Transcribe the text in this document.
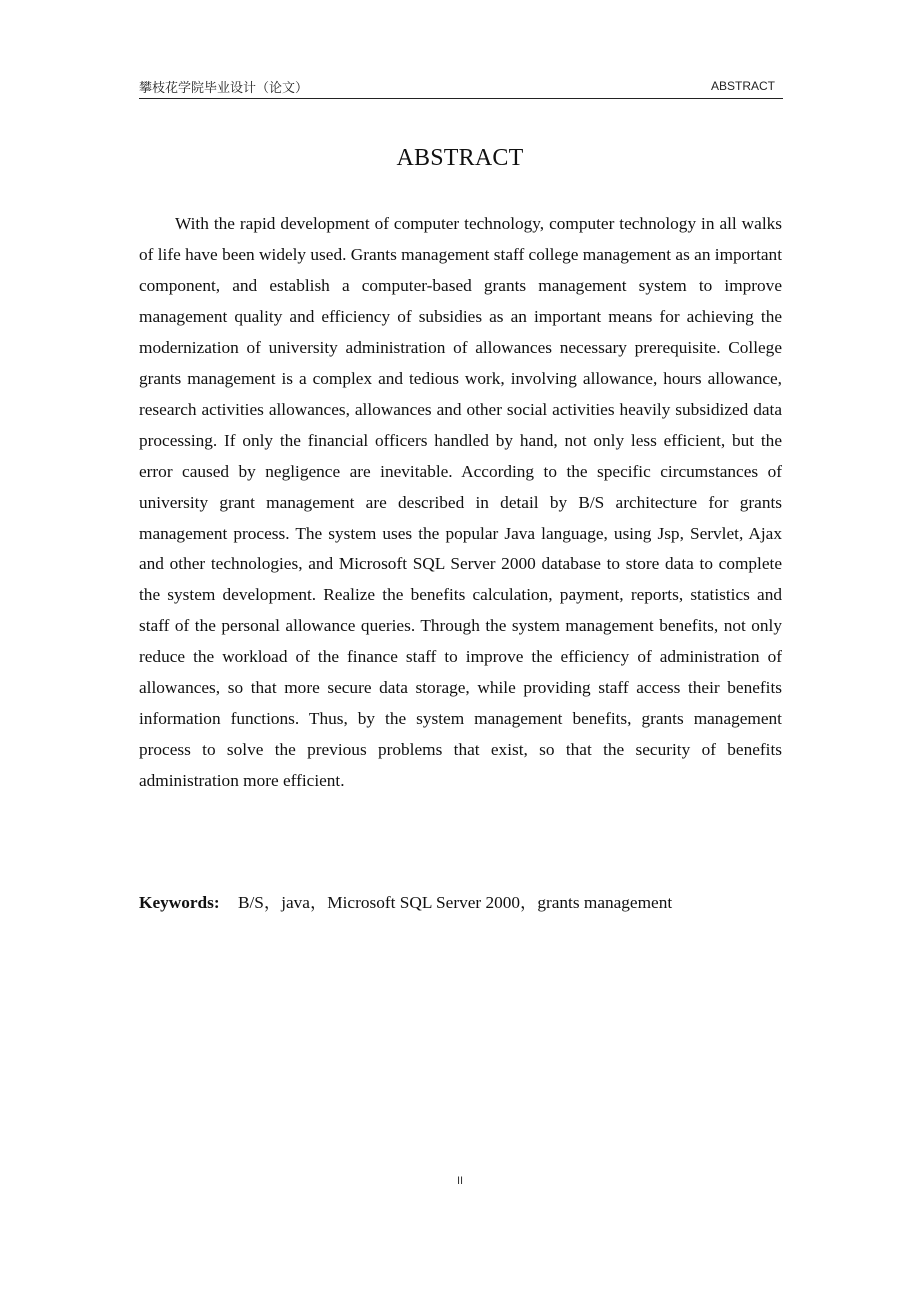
攀枝花学院毕业设计（论文）	ABSTRACT
ABSTRACT

With the rapid development of computer technology, computer technology in all walks of life have been widely used. Grants management staff college management as an important component, and establish a computer-based grants management system to improve management quality and efficiency of subsidies as an important means for achieving the modernization of university administration of allowances necessary prerequisite. College grants management is a complex and tedious work, involving allowance, hours allowance, research activities allowances, allowances and other social activities heavily subsidized data processing. If only the financial officers handled by hand, not only less efficient, but the error caused by negligence are inevitable. According to the specific circumstances of university grant management are described in detail by B/S architecture for grants management process. The system uses the popular Java language, using Jsp, Servlet, Ajax and other technologies, and Microsoft SQL Server 2000 database to store data to complete the system development. Realize the benefits calculation, payment, reports, statistics and staff of the personal allowance queries. Through the system management benefits, not only reduce the workload of the finance staff to improve the efficiency of administration of allowances, so that more secure data storage, while providing staff access their benefits information functions. Thus, by the system management benefits, grants management process to solve the previous problems that exist, so that the security of benefits administration more efficient.

Keywords: B/S，java，Microsoft SQL Server 2000，grants management
II
